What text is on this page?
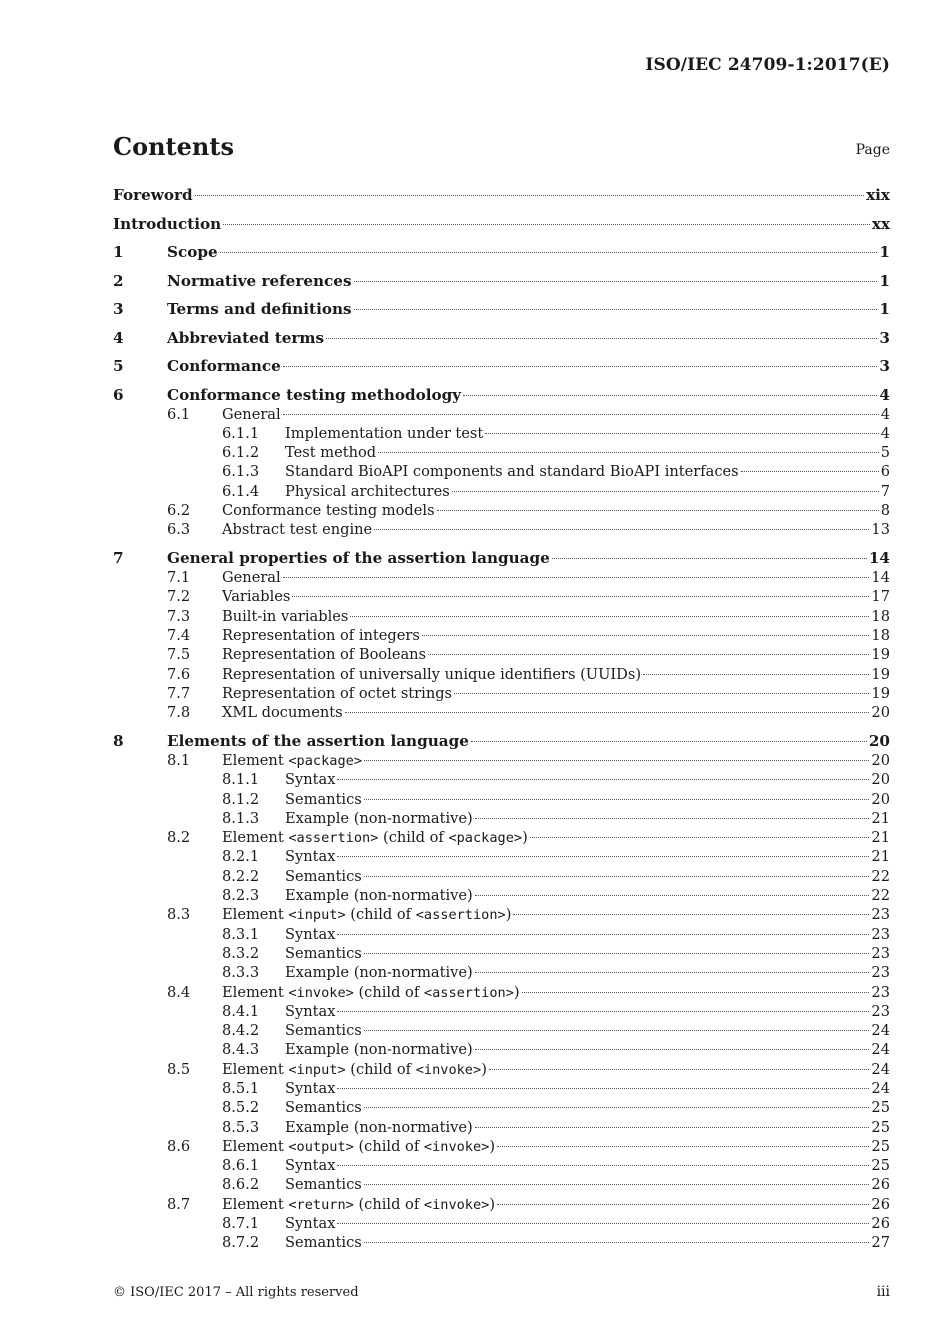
ISO/IEC 24709-1:2017(E)
Contents	Page
Foreword	xix
Introduction	xx
1	Scope	1
2	Normative references	1
3	Terms and definitions	1
4	Abbreviated terms	3
5	Conformance	3
6	Conformance testing methodology	4
6.1 General	4
6.1.1 Implementation under test	4
6.1.2 Test method	5
6.1.3 Standard BioAPI components and standard BioAPI interfaces	6
6.1.4 Physical architectures	7
6.2 Conformance testing models	8
6.3 Abstract test engine	13
7	General properties of the assertion language	14
7.1 General	14
7.2 Variables	17
7.3 Built-in variables	18
7.4 Representation of integers	18
7.5 Representation of Booleans	19
7.6 Representation of universally unique identifiers (UUIDs)	19
7.7 Representation of octet strings	19
7.8 XML documents	20
8	Elements of the assertion language	20
8.1 Element <package>	20
8.1.1 Syntax	20
8.1.2 Semantics	20
8.1.3 Example (non-normative)	21
8.2 Element <assertion> (child of <package>)	21
8.2.1 Syntax	21
8.2.2 Semantics	22
8.2.3 Example (non-normative)	22
8.3 Element <input> (child of <assertion>)	23
8.3.1 Syntax	23
8.3.2 Semantics	23
8.3.3 Example (non-normative)	23
8.4 Element <invoke> (child of <assertion>)	23
8.4.1 Syntax	23
8.4.2 Semantics	24
8.4.3 Example (non-normative)	24
8.5 Element <input> (child of <invoke>)	24
8.5.1 Syntax	24
8.5.2 Semantics	25
8.5.3 Example (non-normative)	25
8.6 Element <output> (child of <invoke>)	25
8.6.1 Syntax	25
8.6.2 Semantics	26
8.7 Element <return> (child of <invoke>)	26
8.7.1 Syntax	26
8.7.2 Semantics	27
© ISO/IEC 2017 – All rights reserved	iii
